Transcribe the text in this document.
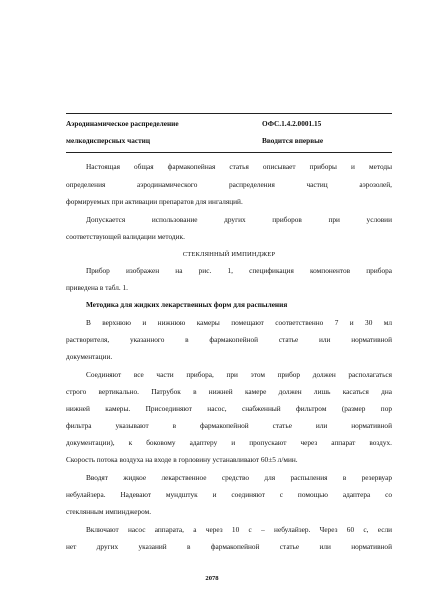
Аэродинамическое распределение
мелкодисперсных частиц
ОФС.1.4.2.0001.15
Вводится впервые
Настоящая общая фармакопейная статья описывает приборы и методы
определения аэродинамического распределения частиц аэрозолей,
формируемых при активации препаратов для ингаляций.
Допускается использование других приборов при условии
соответствующей валидации методик.
СТЕКЛЯННЫЙ ИМПИНДЖЕР
Прибор изображен на рис. 1, спецификация компонентов прибора
приведена в табл. 1.
Методика для жидких лекарственных форм для распыления
В верхнюю и нижнюю камеры помещают соответственно 7 и 30 мл
растворителя, указанного в фармакопейной статье или нормативной
документации.
Соединяют все части прибора, при этом прибор должен располагаться
строго вертикально. Патрубок в нижней камере должен лишь касаться дна
нижней камеры. Присоединяют насос, снабженный фильтром (размер пор
фильтра указывают в фармакопейной статье или нормативной
документации), к боковому адаптеру и пропускают через аппарат воздух.
Скорость потока воздуха на входе в горловину устанавливают 60±5 л/мин.
Вводят жидкое лекарственное средство для распыления в резервуар
небулайзера. Надевают мундштук и соединяют с помощью адаптера со
стеклянным импинджером.
Включают насос аппарата, а через 10 с – небулайзер. Через 60 с, если
нет других указаний в фармакопейной статье или нормативной
2078
